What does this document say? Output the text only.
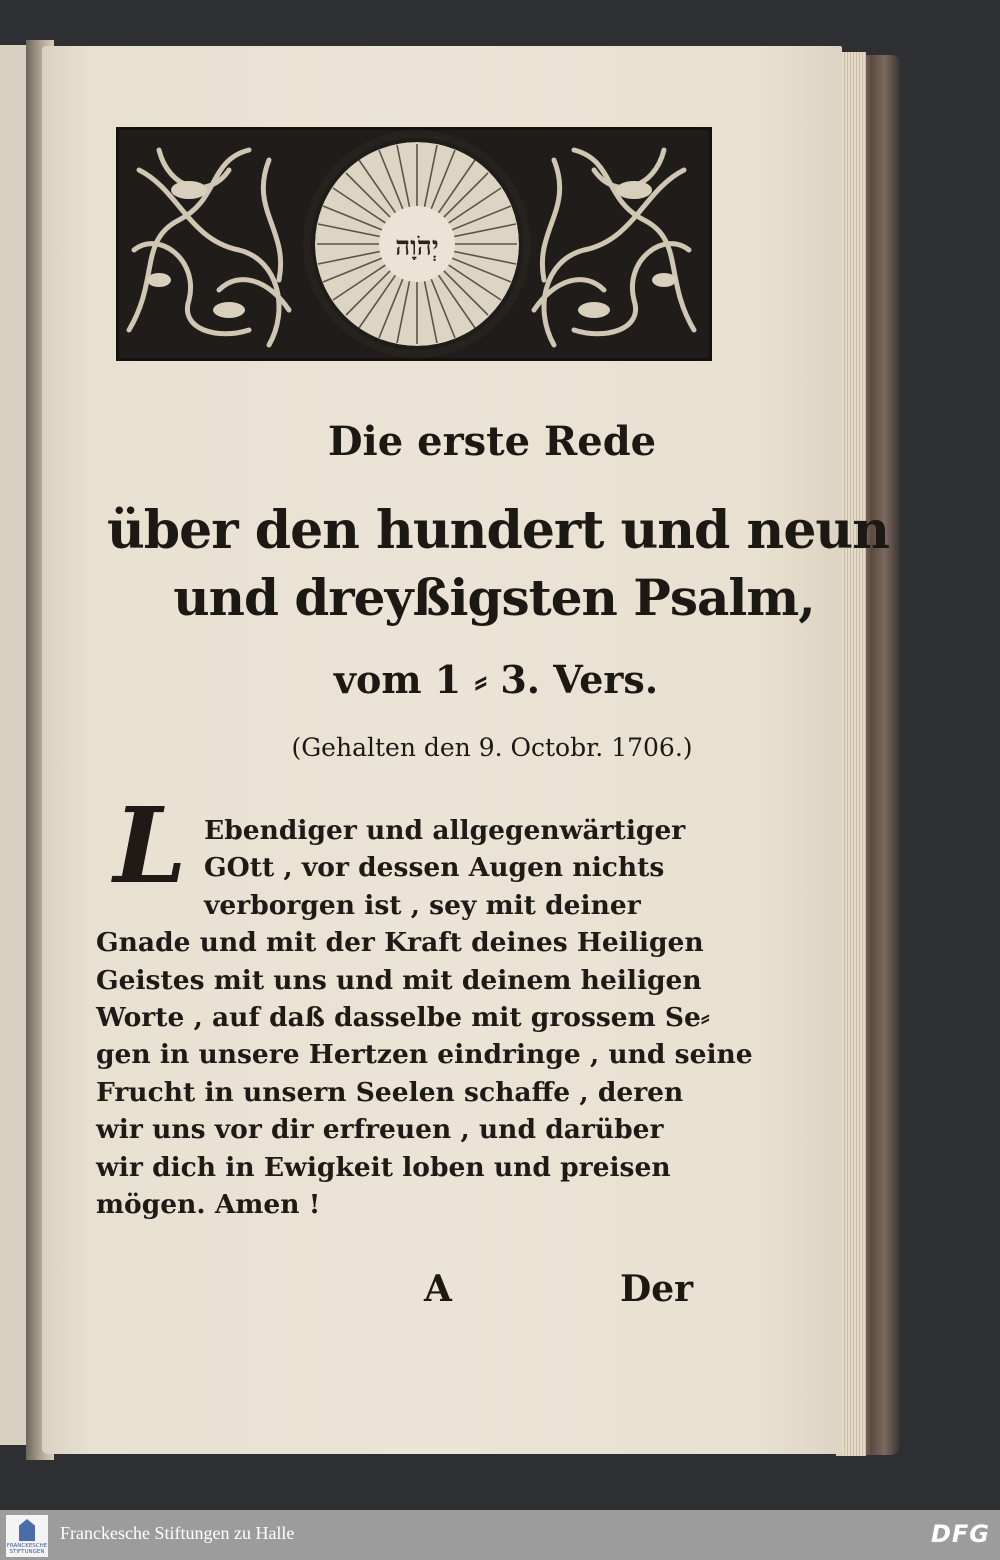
יְהֹוָה
Die erste Rede
über den hundert und neun
und dreyßigsten Psalm,
vom 1 ⸗ 3. Vers.
(Gehalten den 9. Octobr. 1706.)
L Ebendiger und allgegenwärtiger
GOtt , vor dessen Augen nichts
verborgen ist , sey mit deiner
Gnade und mit der Kraft deines Heiligen
Geistes mit uns und mit deinem heiligen
Worte , auf daß dasselbe mit grossem Se⸗
gen in unsere Hertzen eindringe , und seine
Frucht in unsern Seelen schaffe , deren
wir uns vor dir erfreuen , und darüber
wir dich in Ewigkeit loben und preisen
mögen. Amen !
A	Der
FRANCKESCHE STIFTUNGEN
Franckesche Stiftungen zu Halle	DFG
